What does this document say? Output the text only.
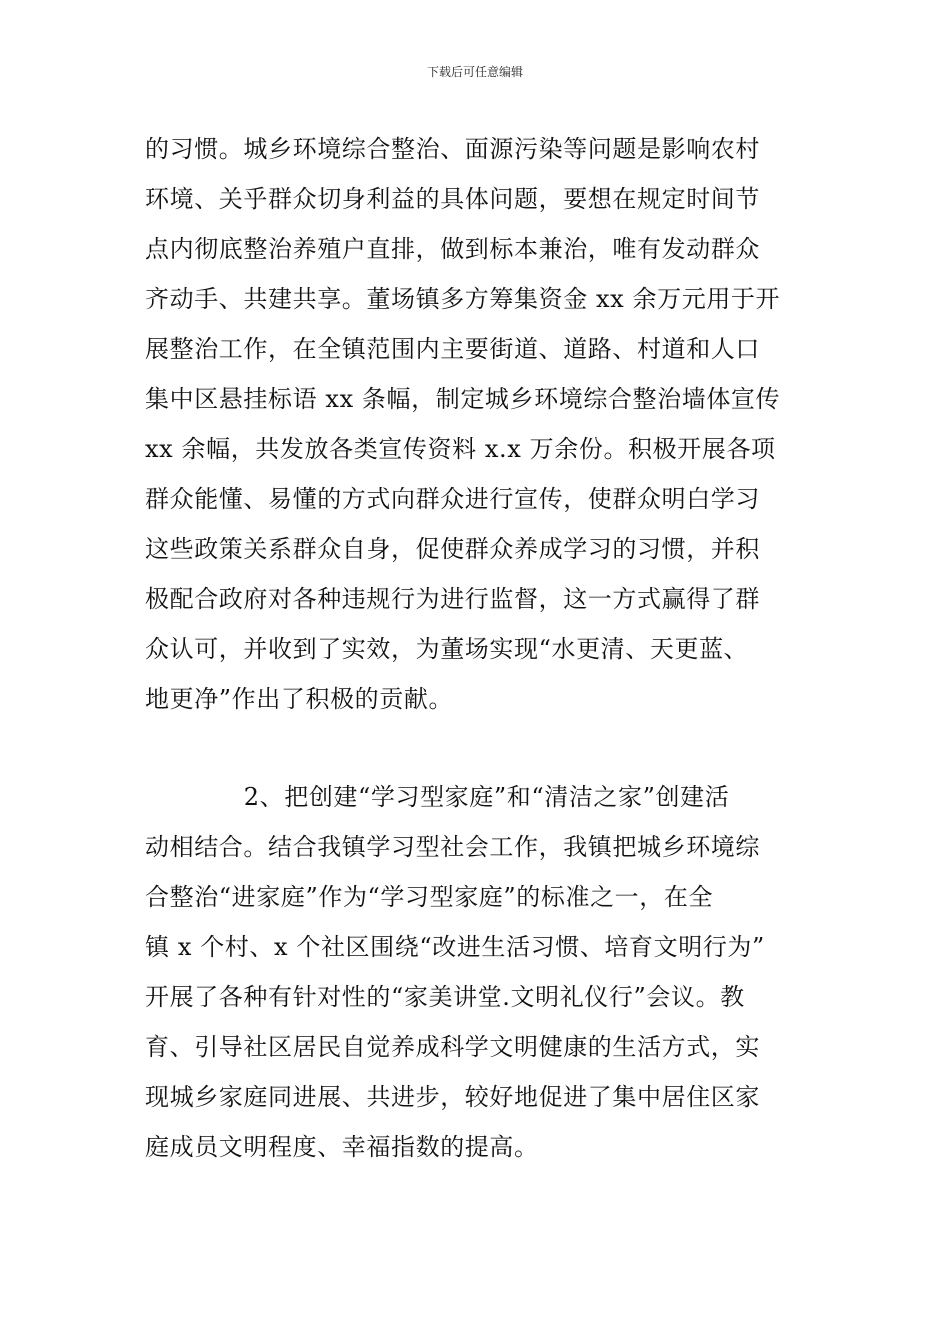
下载后可任意编辑
的习惯。城乡环境综合整治、面源污染等问题是影响农村
环境、关乎群众切身利益的具体问题，要想在规定时间节
点内彻底整治养殖户直排，做到标本兼治，唯有发动群众
齐动手、共建共享。董场镇多方筹集资金 xx 余万元用于开
展整治工作，在全镇范围内主要街道、道路、村道和人口
集中区悬挂标语 xx 条幅，制定城乡环境综合整治墙体宣传
xx 余幅，共发放各类宣传资料 x.x 万余份。积极开展各项
群众能懂、易懂的方式向群众进行宣传，使群众明白学习
这些政策关系群众自身，促使群众养成学习的习惯，并积
极配合政府对各种违规行为进行监督，这一方式赢得了群
众认可，并收到了实效，为董场实现“水更清、天更蓝、
地更净”作出了积极的贡献。
2、把创建“学习型家庭”和“清洁之家”创建活
动相结合。结合我镇学习型社会工作，我镇把城乡环境综
合整治“进家庭”作为“学习型家庭”的标准之一，在全
镇 x 个村、x 个社区围绕“改进生活习惯、培育文明行为”
开展了各种有针对性的“家美讲堂.文明礼仪行”会议。教
育、引导社区居民自觉养成科学文明健康的生活方式，实
现城乡家庭同进展、共进步，较好地促进了集中居住区家
庭成员文明程度、幸福指数的提高。
